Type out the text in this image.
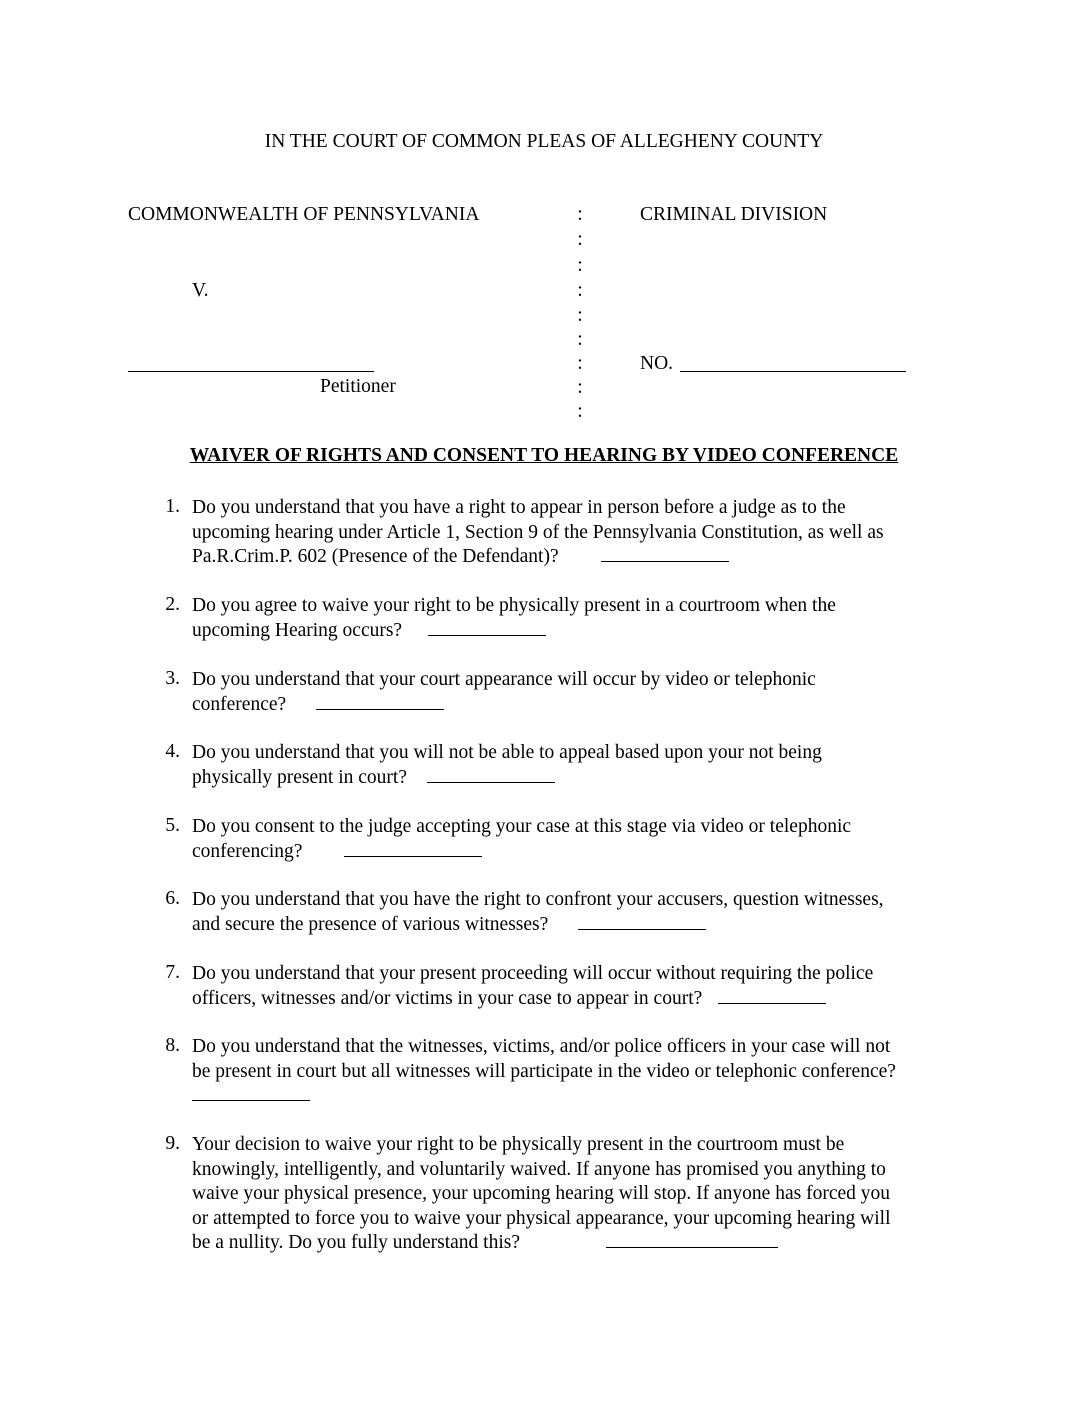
IN THE COURT OF COMMON PLEAS OF ALLEGHENY COUNTY
COMMONWEALTH OF PENNSYLVANIA
V.
Petitioner
:
:
:
:
:
:
:
:
:
CRIMINAL DIVISION
NO.
WAIVER OF RIGHTS AND CONSENT TO HEARING BY VIDEO CONFERENCE
1. Do you understand that you have a right to appear in person before a judge as to the
upcoming hearing under Article 1, Section 9 of the Pennsylvania Constitution, as well as
Pa.R.Crim.P. 602 (Presence of the Defendant)?
2. Do you agree to waive your right to be physically present in a courtroom when the
upcoming Hearing occurs?
3. Do you understand that your court appearance will occur by video or telephonic
conference?
4. Do you understand that you will not be able to appeal based upon your not being
physically present in court?
5. Do you consent to the judge accepting your case at this stage via video or telephonic
conferencing?
6. Do you understand that you have the right to confront your accusers, question witnesses,
and secure the presence of various witnesses?
7. Do you understand that your present proceeding will occur without requiring the police
officers, witnesses and/or victims in your case to appear in court?
8. Do you understand that the witnesses, victims, and/or police officers in your case will not
be present in court but all witnesses will participate in the video or telephonic conference?
9. Your decision to waive your right to be physically present in the courtroom must be
knowingly, intelligently, and voluntarily waived. If anyone has promised you anything to
waive your physical presence, your upcoming hearing will stop. If anyone has forced you
or attempted to force you to waive your physical appearance, your upcoming hearing will
be a nullity. Do you fully understand this?
